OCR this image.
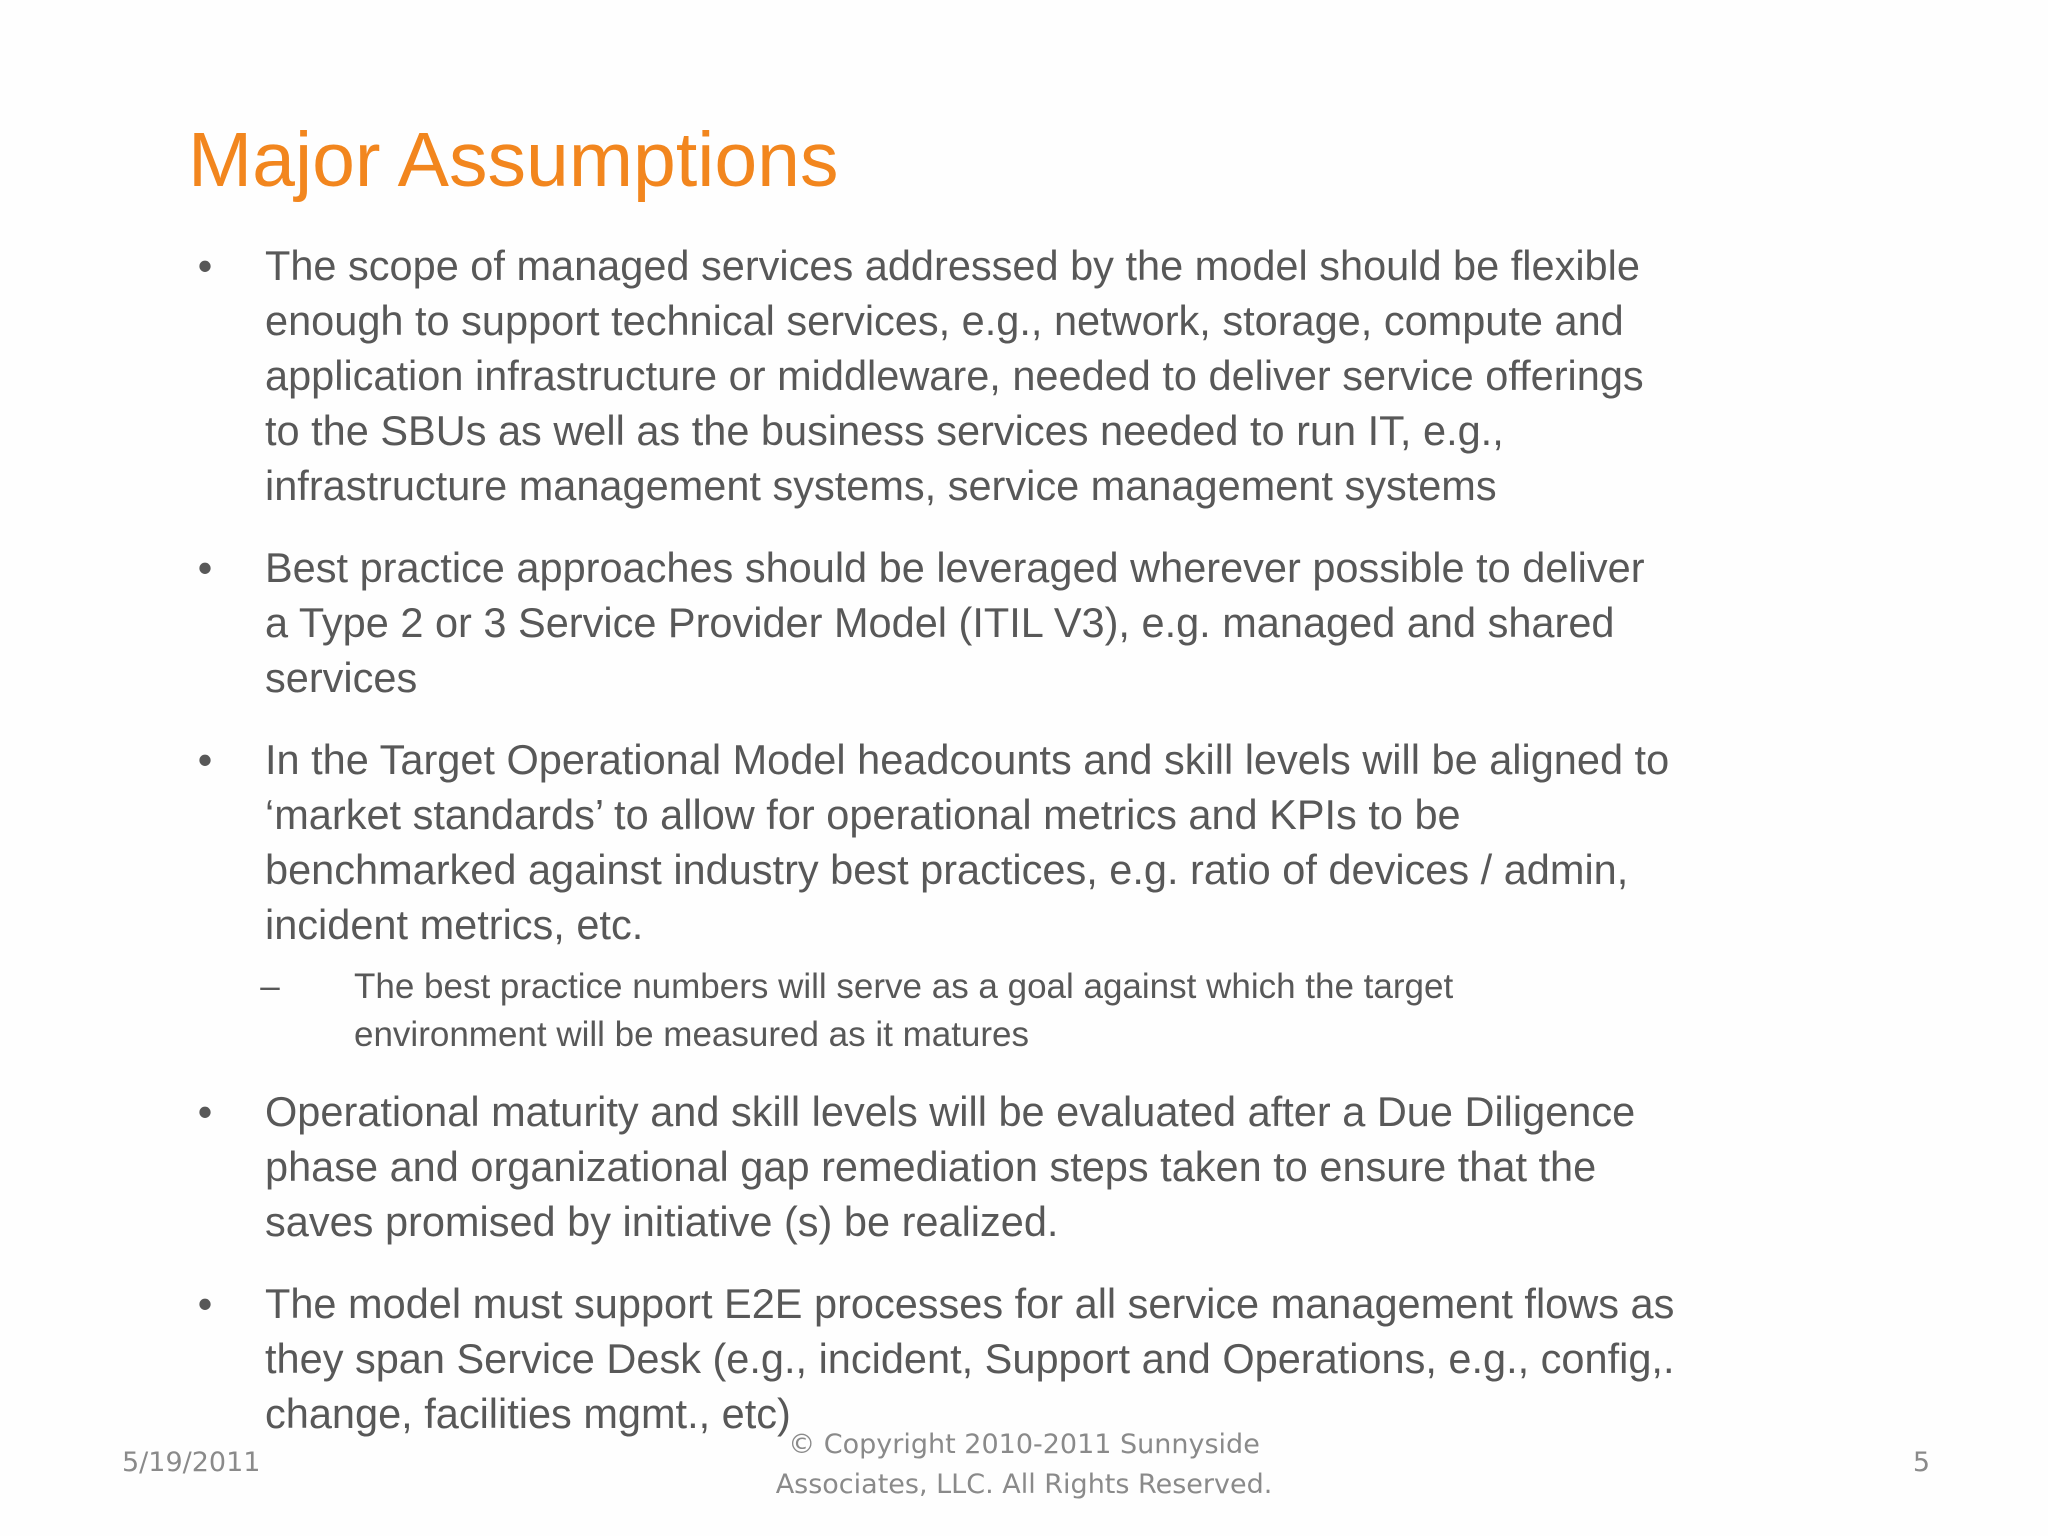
Major Assumptions
•	The scope of managed services addressed by the model should be flexible
enough to support technical services, e.g., network, storage, compute and
application infrastructure or middleware, needed to deliver service offerings
to the SBUs as well as the business services needed to run IT, e.g.,
infrastructure management systems, service management systems
•	Best practice approaches should be leveraged wherever possible to deliver
a Type 2 or 3 Service Provider Model (ITIL V3), e.g. managed and shared
services
•	In the Target Operational Model headcounts and skill levels will be aligned to
‘market standards’ to allow for operational metrics and KPIs to be
benchmarked against industry best practices, e.g. ratio of devices / admin,
incident metrics, etc.
– The best practice numbers will serve as a goal against which the target
environment will be measured as it matures
•	Operational maturity and skill levels will be evaluated after a Due Diligence
phase and organizational gap remediation steps taken to ensure that the
saves promised by initiative (s) be realized.
•	The model must support E2E processes for all service management flows as
they span Service Desk (e.g., incident, Support and Operations, e.g., config,.
change, facilities mgmt., etc)
5/19/2011
© Copyright 2010-2011 Sunnyside
Associates, LLC. All Rights Reserved.
5
